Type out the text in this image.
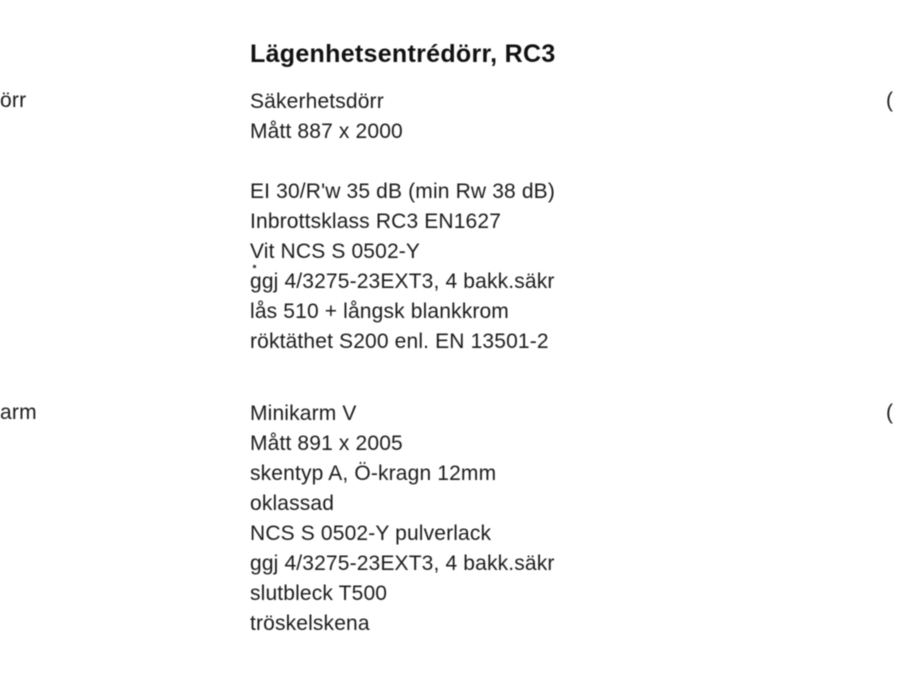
örr
arm
(
(
Lägenhetsentrédörr, RC3
Säkerhetsdörr
Mått 887 x 2000
EI 30/R'w 35 dB (min Rw 38 dB)
Inbrottsklass RC3 EN1627
Vit NCS S 0502-Y
ggj 4/3275-23EXT3, 4 bakk.säkr
lås 510 + långsk blankkrom
röktäthet S200 enl. EN 13501-2
Minikarm V
Mått 891 x 2005
skentyp A, Ö-kragn 12mm
oklassad
NCS S 0502-Y pulverlack
ggj 4/3275-23EXT3, 4 bakk.säkr
slutbleck T500
tröskelskena
